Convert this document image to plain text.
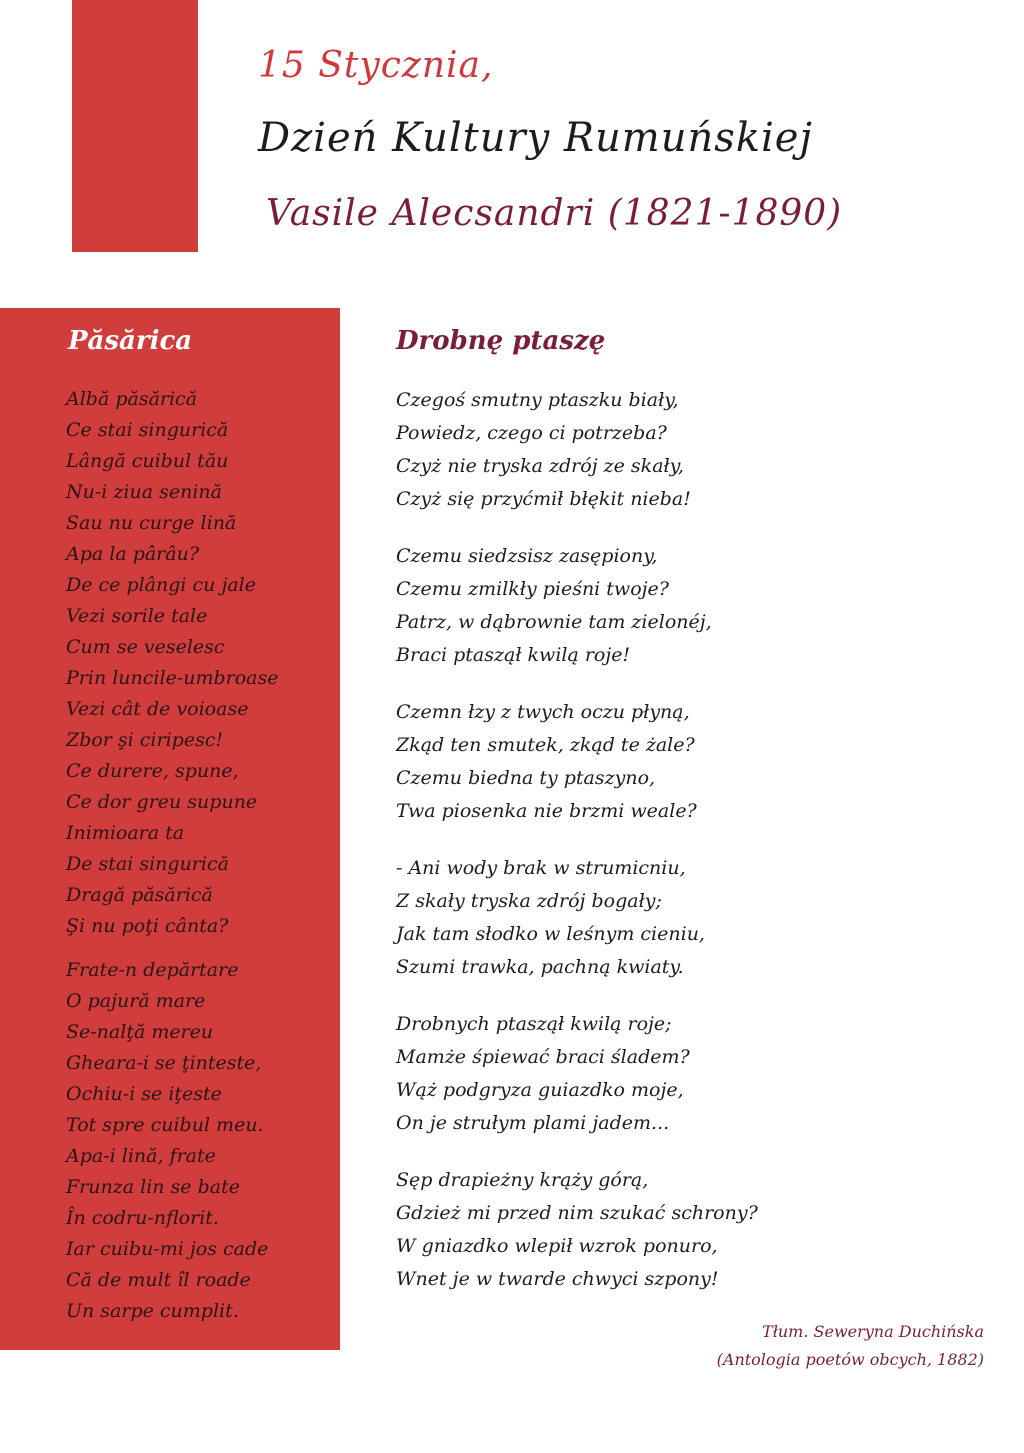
15 Stycznia,

Dzień Kultury Rumuńskiej

Vasile Alecsandri (1821-1890)

Păsărica

Albă păsărică
Ce stai singurică
Lângă cuibul tău
Nu-i ziua senină
Sau nu curge lină
Apa la pârâu?
De ce plângi cu jale
Vezi sorile tale
Cum se veselesc
Prin luncile-umbroase
Vezi cât de voioase
Zbor şi ciripesc!
Ce durere, spune,
Ce dor greu supune
Inimioara ta
De stai singurică
Dragă păsărică
Şi nu poţi cânta?
Frate-n depărtare
O pajură mare
Se-nalţă mereu
Gheara-i se ţinteste,
Ochiu-i se iţeste
Tot spre cuibul meu.
Apa-i lină, frate
Frunza lin se bate
În codru-nflorit.
Iar cuibu-mi jos cade
Că de mult îl roade
Un sarpe cumplit.

Drobnę ptaszę

Czegoś smutny ptaszku biały,
Powiedz, czego ci potrzeba?
Czyż nie tryska zdrój ze skały,
Czyż się przyćmił błękit nieba!
Czemu siedzsisz zasępiony,
Czemu zmilkły pieśni twoje?
Patrz, w dąbrownie tam zielonéj,
Braci ptaszął kwilą roje!
Czemn łzy z twych oczu płyną,
Zkąd ten smutek, zkąd te żale?
Czemu biedna ty ptaszyno,
Twa piosenka nie brzmi weale?
- Ani wody brak w strumicniu,
Z skały tryska zdrój bogały;
Jak tam słodko w leśnym cieniu,
Szumi trawka, pachną kwiaty.
Drobnych ptaszął kwilą roje;
Mamże śpiewać braci śladem?
Wąż podgryza guiazdko moje,
On je strułym plami jadem...
Sęp drapieżny krąży górą,
Gdzież mi przed nim szukać schrony?
W gniazdko wlepił wzrok ponuro,
Wnet je w twarde chwyci szpony!
Tłum. Seweryna Duchińska
(Antologia poetów obcych, 1882)
